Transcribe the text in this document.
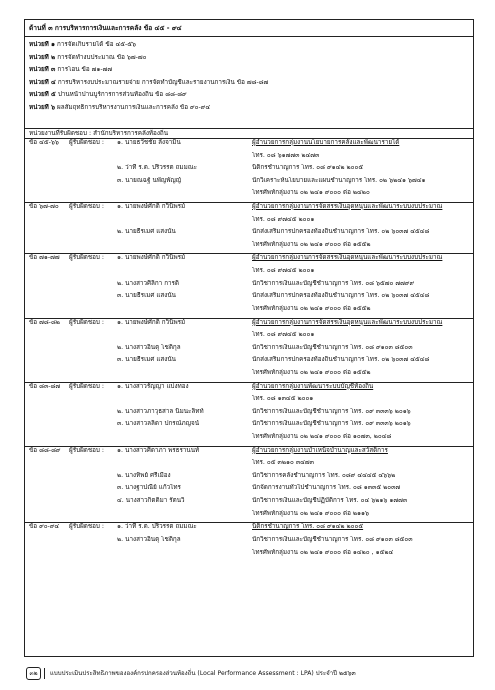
ด้านที่ ๓ การบริหารการเงินและการคลัง ข้อ ๔๕ - ๙๔
หน่วยที่ ๑ การจัดเก็บรายได้ ข้อ ๔๕-๕๖
หน่วยที่ ๒ การจัดทำงบประมาณ ข้อ ๖๗-๗๐
หน่วยที่ ๓ การโอน ข้อ ๗๑-๗๗
หน่วยที่ ๔ การบริหารงบประมาณรายจ่าย การจัดทำบัญชีและรายงานการเงิน ข้อ ๗๘-๘๗
หน่วยที่ ๕ ปานหน้าปานบูร์การการส่วนท้องถิ่น ข้อ ๘๘-๘๙
หน่วยที่ ๖ ผลสัมฤทธิ์การบริหารงานการเงินและการคลัง ข้อ ๙๐-๙๔
หน่วยงานที่รับผิดชอบ : สำนักบริหารการคลังท้องถิ่น
ข้อ ๔๕-๖๖	ผู้รับผิดชอบ :	๑. นายธวัชชัย ลังจามิน	ผู้อำนวยการกลุ่มงานนโยบายการคลังและพัฒนารายได้
โทร. ๐๘ ๖๑๗๗๓ ๒๔๗๓
๒. ว่าที่ ร.ต. ปริวรรต ถมมณะ	นิติกรชำนาญการ โทร. ๐๘ ๙๑๔๒ ๒๐๐๕
๓. นายณฉฐ์ นพัญพัญญ์	นักวิเคราะห์นโยบายและแผนชำนาญการ โทร. ๐๒ ๖๒๔๑ ๖๗๔๑
โทรศัพท์กลุ่มงาน ๐๒ ๒๔๑ ๙๐๐๐ ต่อ ๒๔๒๐
ข้อ ๖๗-๗๐	ผู้รับผิดชอบ :	๑. นายพงษ์ศักดิ์ กวินิพรม์	ผู้อำนวยการกลุ่มงานการจัดสรรเงินอุดหนุนและพัฒนาระบบงบประมาณ
โทร. ๐๘ ๙๗๔๕ ๒๐๐๑
๒. นายธีรเมศ แสงนัน	นักส่งเสริมการปกครองท้องถิ่นชำนาญการ โทร. ๐๒ ๖๐๓๗ ๔๕๔๘
โทรศัพท์กลุ่มงาน ๐๒ ๒๔๑ ๙๐๐๐ ต่อ ๑๕๕๒
ข้อ ๗๑-๗๗	ผู้รับผิดชอบ :	๑. นายพงษ์ศักดิ์ กวินิพรม์	ผู้อำนวยการกลุ่มงานการจัดสรรเงินอุดหนุนและพัฒนาระบบงบประมาณ
โทร. ๐๘ ๙๗๔๕ ๒๐๐๑
๒. นางสาวศิลิกา การดิ	นักวิชาการเงินและบัญชีชำนาญการ โทร. ๐๘ ๖๕๗๐ ๗๗๙๙
๓. นายธีรเมศ แสงนัน	นักส่งเสริมการปกครองท้องถิ่นชำนาญการ โทร. ๐๒ ๖๐๓๗ ๔๕๔๘
โทรศัพท์กลุ่มงาน ๐๒ ๒๔๑ ๙๐๐๐ ต่อ ๑๕๕๒
ข้อ ๗๘-๘๒	ผู้รับผิดชอบ :	๑. นายพงษ์ศักดิ์ กวินิพรม์	ผู้อำนวยการกลุ่มงานการจัดสรรเงินอุดหนุนและพัฒนาระบบงบประมาณ
โทร. ๐๘ ๙๗๔๕ ๒๐๐๑
๒. นางสาวอินตุ โชติกุล	นักวิชาการเงินและบัญชีชำนาญการ โทร. ๐๘ ๙๑๐๓ ๘๕๐๓
๓. นายธีรเมศ แสงนัน	นักส่งเสริมการปกครองท้องถิ่นชำนาญการ โทร. ๐๒ ๖๐๓๗ ๔๕๔๘
โทรศัพท์กลุ่มงาน ๐๒ ๒๔๑ ๙๐๐๐ ต่อ ๑๕๕๒
ข้อ ๘๓-๘๗	ผู้รับผิดชอบ :	๑. นางสาวรัญญา แบ่งทอง	ผู้อำนวยการกลุ่มงานพัฒนาระบบบัญชีท้องถิ่น
โทร. ๐๘ ๑๓๔๕ ๒๐๐๑
๒. นางสาวภาวุธสาล นิมนะลิทท์	นักวิชาการเงินและบัญชีชำนาญการ โทร. ๐๙ ๓๓๓๖ ๒๐๑๖
๓. นางสาวลลิดา ปกรณ์ภญจน์	นักวิชาการเงินและบัญชีชำนาญการ โทร. ๐๙ ๓๓๓๖ ๒๐๑๖
โทรศัพท์กลุ่มงาน ๐๒ ๒๔๑ ๙๐๐๐ ต่อ ๑๐๗๓, ๒๐๔๘
ข้อ ๘๘-๘๙	ผู้รับผิดชอบ :	๑. นางสาวศิดาภา พรธรานนท์	ผู้อำนวยการกลุ่มงานบำเหน็จบำนาญและสวัสดิการ
โทร. ๐๕ ๓๒๑๐ ๓๔๗๓
๒. นางทิพย์ ศรีเมือง	นักวิชาการคลังชำนาญการ โทร. ๐๘๙ ๔๔๔๕ ๔๖๖๒
๓. นางฐาปณีย์ แก้วไทร	นักจัดการงานทั่วไปชำนาญการ โทร. ๐๘ ๑๓๓๕ ๒๐๓๗
๔. นางสาวกิตติมา รัตนวิ	นักวิชาการเงินและบัญชีปฏิบัติการ โทร. ๐๔ ๖๒๑๖ ๑๗๗๓
โทรศัพท์กลุ่มงาน ๐๒ ๒๔๑ ๙๐๐๐ ต่อ ๒๑๑๖
ข้อ ๙๐-๙๔	ผู้รับผิดชอบ :	๑. ว่าที่ ร.ต. ปริวรรต ถมมณะ	นิติกรชำนาญการ โทร. ๐๘ ๙๑๔๒ ๒๐๐๕
๒. นางสาวอินตุ โชติกุล	นักวิชาการเงินและบัญชีชำนาญการ โทร. ๐๘ ๙๑๐๓ ๘๕๐๓
โทรศัพท์กลุ่มงาน ๐๒ ๒๔๑ ๙๐๐๐ ต่อ ๑๔๒๐ , ๑๕๒๔
๓๒	แบบประเมินประสิทธิภาพขององค์กรปกครองส่วนท้องถิ่น (Local Performance Assessment : LPA) ประจำปี ๒๕๖๓
